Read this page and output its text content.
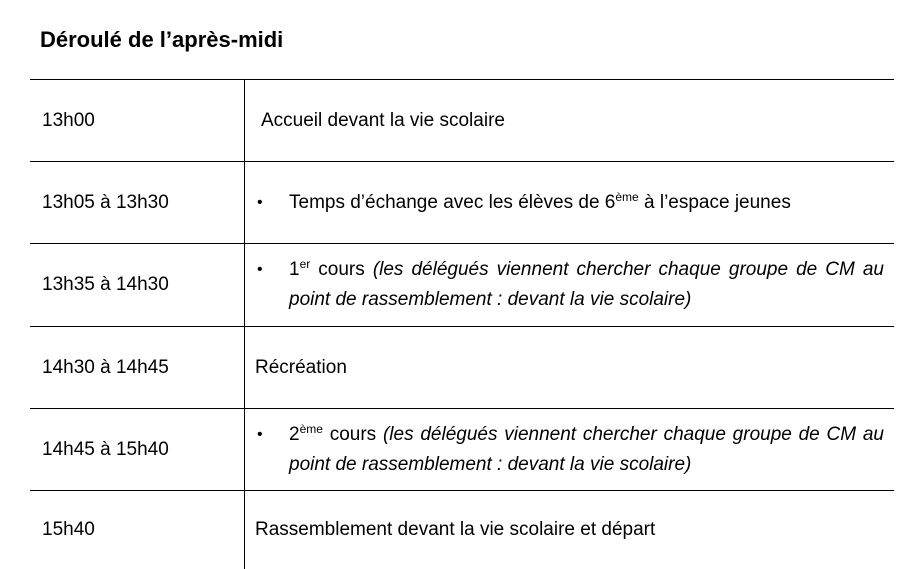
Déroulé de l’après-midi
13h00	Accueil devant la vie scolaire
13h05 à 13h30	• Temps d’échange avec les élèves de 6ème à l’espace jeunes

13h35 à 14h30	• 1er cours (les délégués viennent chercher chaque groupe de CM au point de rassemblement : devant la vie scolaire)

14h30 à 14h45	Récréation
14h45 à 15h40	• 2ème cours (les délégués viennent chercher chaque groupe de CM au point de rassemblement : devant la vie scolaire)

15h40	Rassemblement devant la vie scolaire et départ
